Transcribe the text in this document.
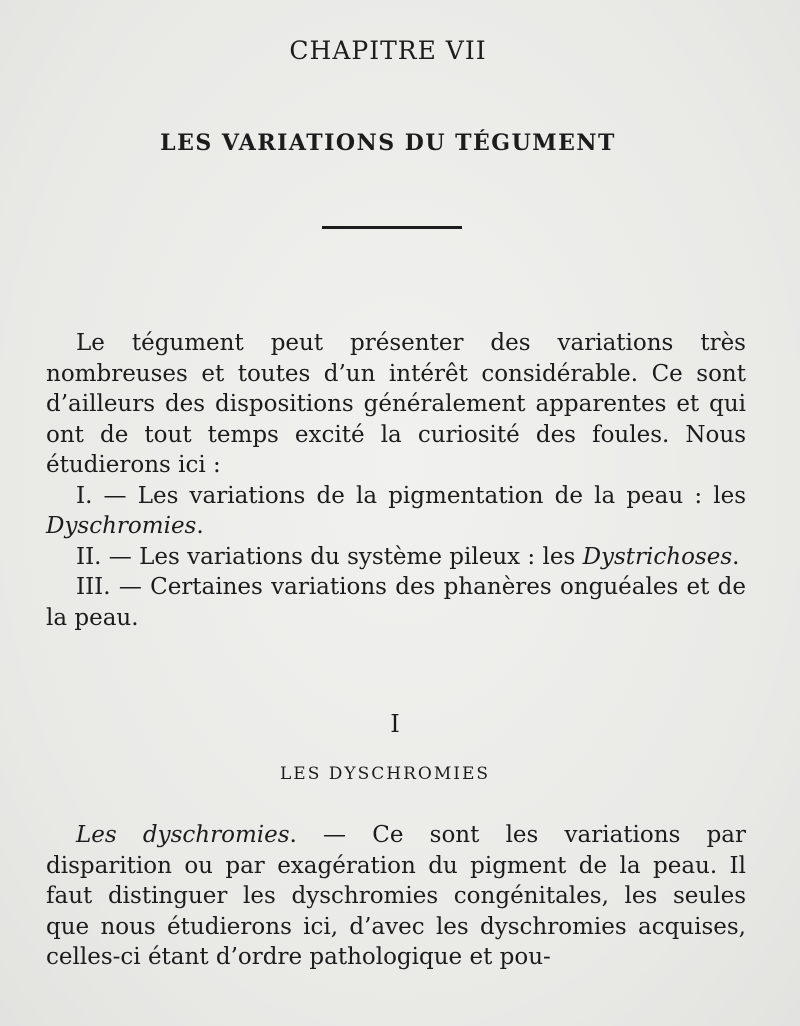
CHAPITRE VII
LES VARIATIONS DU TÉGUMENT

Le tégument peut présenter des variations très nombreuses et toutes d’un intérêt considérable. Ce sont d’ailleurs des dispositions généralement apparentes et qui ont de tout temps excité la curiosité des foules. Nous étudierons ici :

I. — Les variations de la pigmentation de la peau : les Dyschromies.

II. — Les variations du système pileux : les Dystrichoses.

III. — Certaines variations des phanères onguéales et de la peau.

I
LES DYSCHROMIES

Les dyschromies. — Ce sont les variations par disparition ou par exagération du pigment de la peau. Il faut distinguer les dyschromies congénitales, les seules que nous étudierons ici, d’avec les dyschromies acquises, celles-ci étant d’ordre pathologique et pou-
